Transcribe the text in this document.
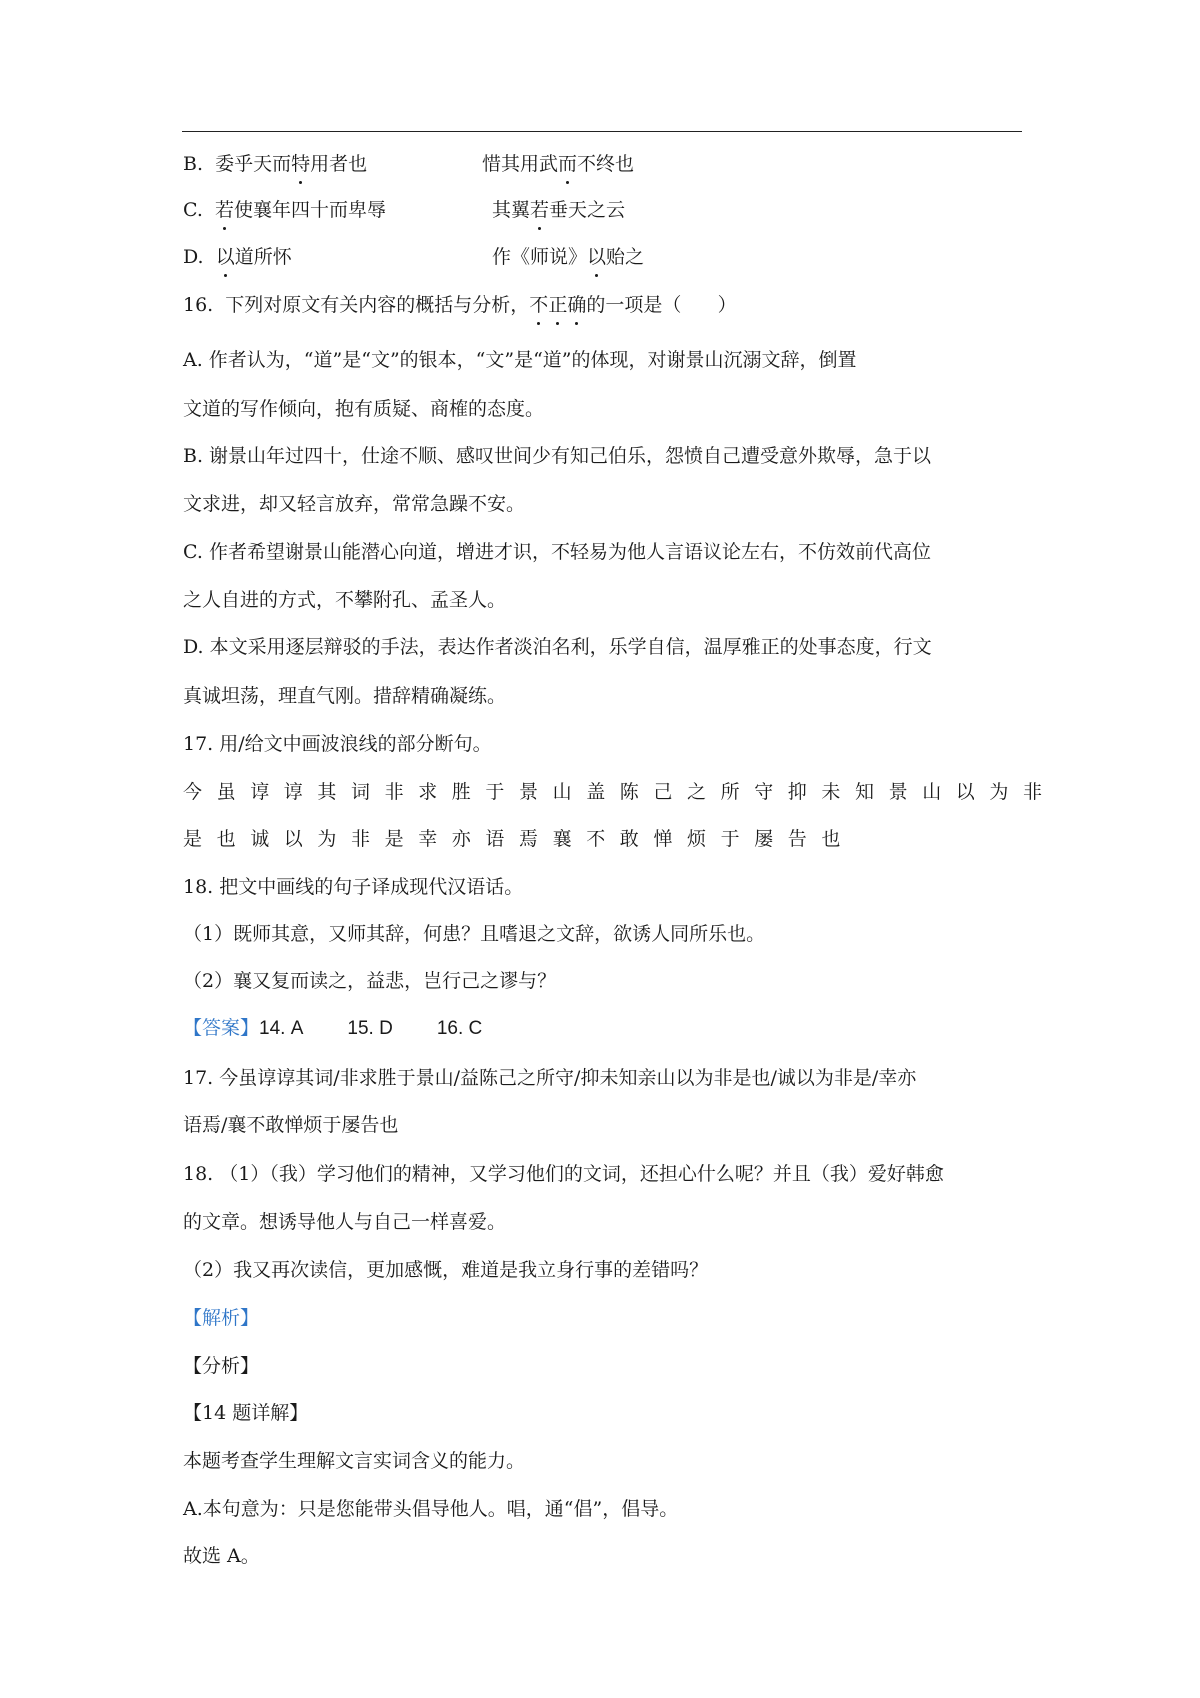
B. 委乎天而特用者也	惜其用武而不终也
C. 若使襄年四十而卑辱	其翼若垂天之云
D. 以道所怀	作《师说》以贻之
16.  下列对原文有关内容的概括与分析，不正确的一项是（      ）
A. 作者认为，“道”是“文”的银本，“文”是“道”的体现，对谢景山沉溺文辞，倒置
文道的写作倾向，抱有质疑、商榷的态度。
B. 谢景山年过四十，仕途不顺、感叹世间少有知己伯乐，怨愤自己遭受意外欺辱，急于以
文求进，却又轻言放弃，常常急躁不安。
C. 作者希望谢景山能潜心向道，增进才识，不轻易为他人言语议论左右，不仿效前代高位
之人自进的方式，不攀附孔、孟圣人。
D. 本文采用逐层辩驳的手法，表达作者淡泊名利，乐学自信，温厚雅正的处事态度，行文
真诚坦荡，理直气刚。措辞精确凝练。
17. 用/给文中画波浪线的部分断句。
今虽谆谆其词非求胜于景山盖陈己之所守抑未知景山以为非
是也诚以为非是幸亦语焉襄不敢惮烦于屡告也
18. 把文中画线的句子译成现代汉语话。
（1）既师其意，又师其辞，何患？且嗜退之文辞，欲诱人同所乐也。
（2）襄又复而读之，益悲，岂行己之谬与？
【答案】14. A 15. D 16. C
17. 今虽谆谆其词/非求胜于景山/益陈己之所守/抑未知亲山以为非是也/诚以为非是/幸亦
语焉/襄不敢惮烦于屡告也
18. （1）（我）学习他们的精神，又学习他们的文词，还担心什么呢？并且（我）爱好韩愈
的文章。想诱导他人与自己一样喜爱。
（2）我又再次读信，更加感慨，难道是我立身行事的差错吗？
【解析】
【分析】
【14 题详解】
本题考查学生理解文言实词含义的能力。
A.本句意为：只是您能带头倡导他人。唱，通“倡”，倡导。
故选 A。
